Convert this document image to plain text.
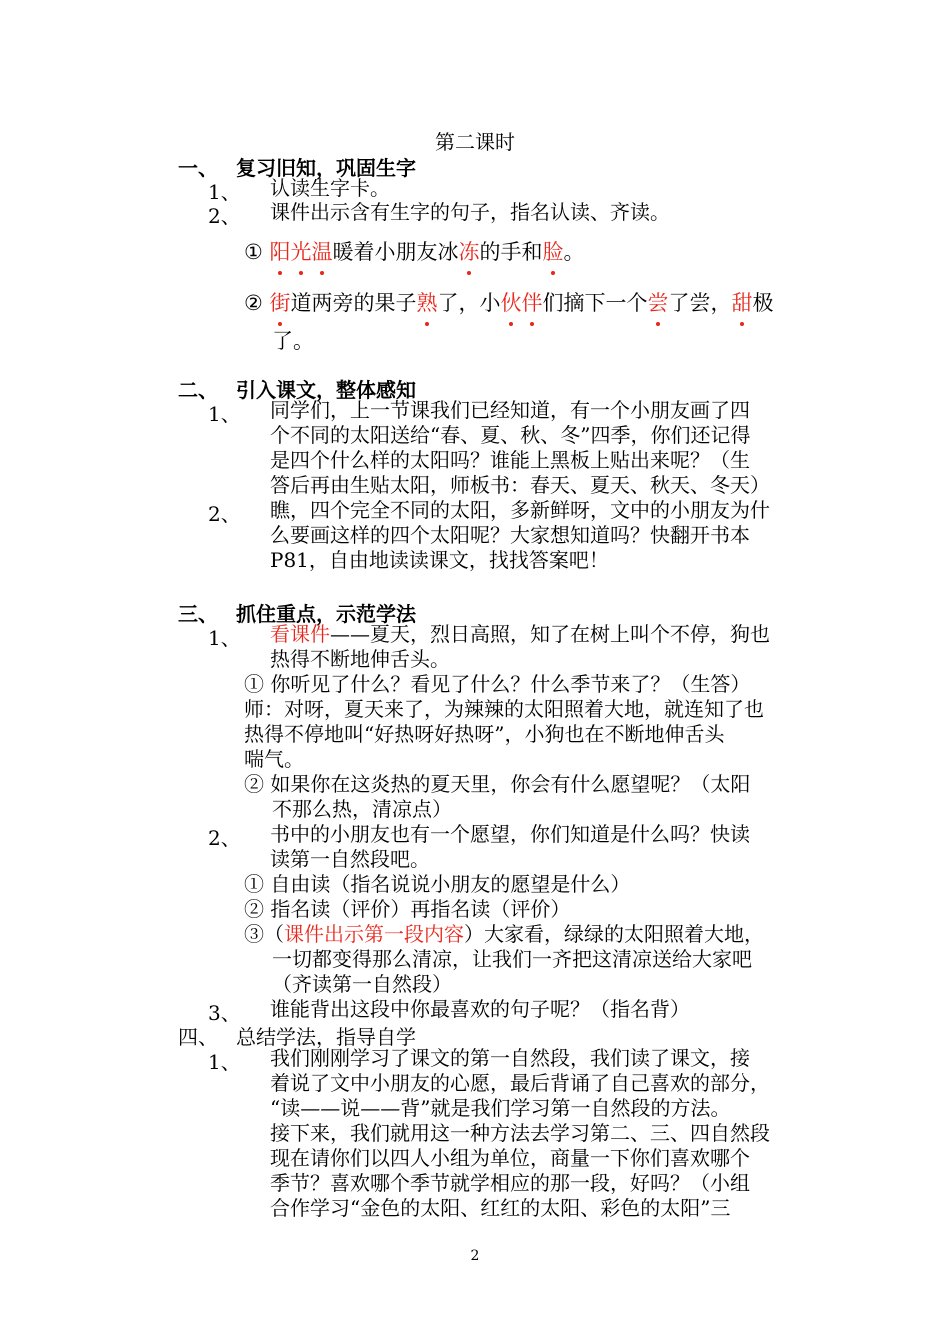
第二课时
一、 复习旧知，巩固生字
1、 认读生字卡。
2、 课件出示含有生字的句子，指名认读、齐读。
① 阳光温暖着小朋友冰冻的手和脸。
② 街道两旁的果子熟了，小伙伴们摘下一个尝了尝，甜极
了。
二、 引入课文，整体感知
1、 同学们，上一节课我们已经知道，有一个小朋友画了四
个不同的太阳送给“春、夏、秋、冬”四季，你们还记得
是四个什么样的太阳吗？谁能上黑板上贴出来呢？（生
答后再由生贴太阳，师板书：春天、夏天、秋天、冬天）
2、 瞧，四个完全不同的太阳，多新鲜呀，文中的小朋友为什
么要画这样的四个太阳呢？大家想知道吗？快翻开书本
P81，自由地读读课文，找找答案吧！
三、 抓住重点，示范学法
1、 看课件——夏天，烈日高照，知了在树上叫个不停，狗也
热得不断地伸舌头。
① 你听见了什么？看见了什么？什么季节来了？（生答）
师：对呀，夏天来了，为辣辣的太阳照着大地，就连知了也
热得不停地叫“好热呀好热呀”，小狗也在不断地伸舌头
喘气。
② 如果你在这炎热的夏天里，你会有什么愿望呢？（太阳
不那么热，清凉点）
2、 书中的小朋友也有一个愿望，你们知道是什么吗？快读
读第一自然段吧。
① 自由读（指名说说小朋友的愿望是什么）
② 指名读（评价）再指名读（评价）
③（课件出示第一段内容）大家看，绿绿的太阳照着大地，
一切都变得那么清凉，让我们一齐把这清凉送给大家吧
（齐读第一自然段）
3、 谁能背出这段中你最喜欢的句子呢？（指名背）
四、 总结学法，指导自学
1、 我们刚刚学习了课文的第一自然段，我们读了课文，接
着说了文中小朋友的心愿，最后背诵了自己喜欢的部分，
“读——说——背”就是我们学习第一自然段的方法。
接下来，我们就用这一种方法去学习第二、三、四自然段
现在请你们以四人小组为单位，商量一下你们喜欢哪个
季节？喜欢哪个季节就学相应的那一段，好吗？（小组
合作学习“金色的太阳、红红的太阳、彩色的太阳”三
2
